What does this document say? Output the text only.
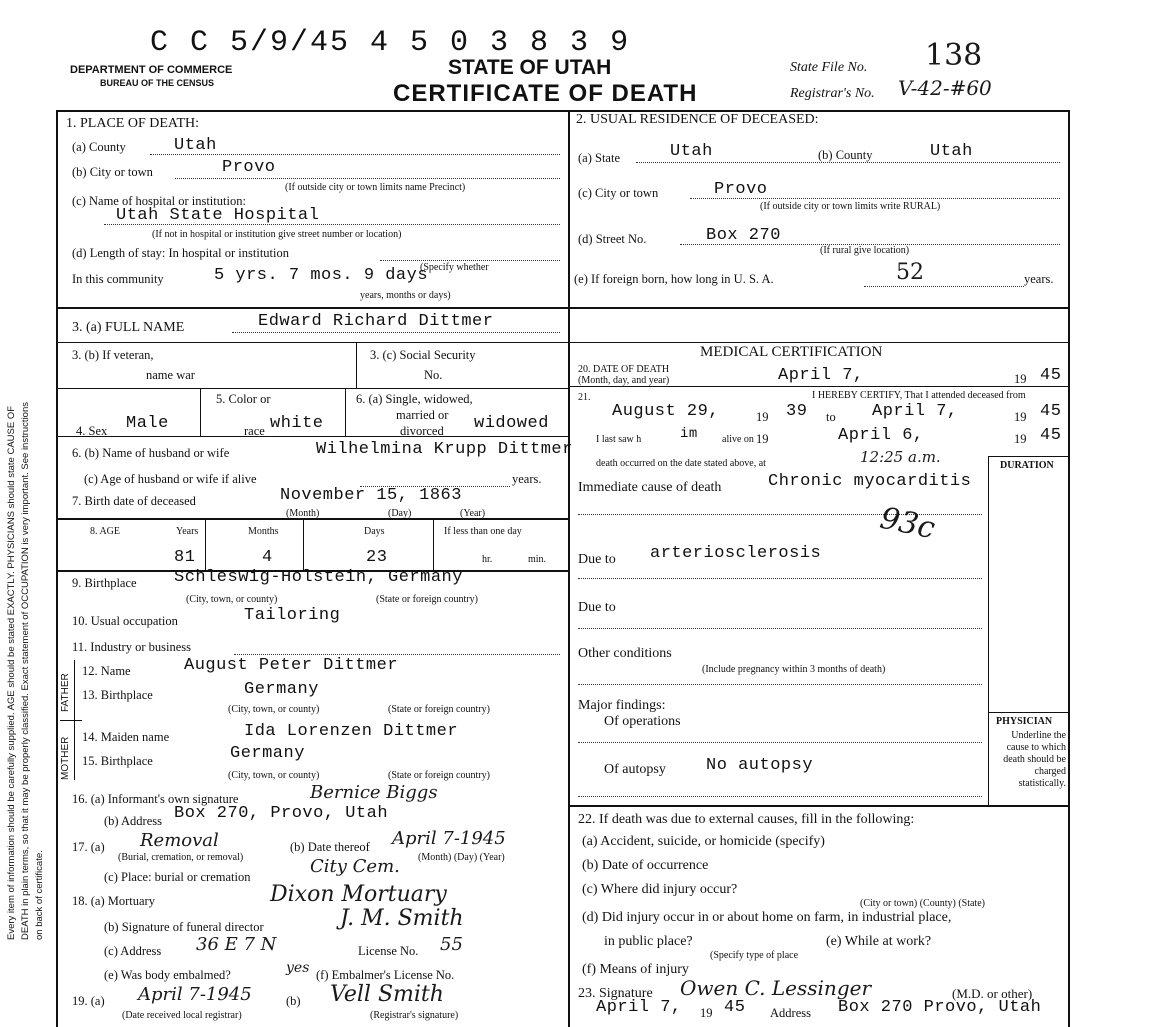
C C 5/9/45 4 5 0 3 8 3 9
DEPARTMENT OF COMMERCE
BUREAU OF THE CENSUS
STATE OF UTAH
CERTIFICATE OF DEATH
State File No. 138
Registrar's No. V-42-#60
Every item of information should be carefully supplied. AGE should be stated EXACTLY. PHYSICIANS should state CAUSE OF DEATH in plain terms, so that it may be properly classified. Exact statement of OCCUPATION is very important. See instructions on back of certificate.
1. PLACE OF DEATH:
(a) County	Utah
(b) City or town	Provo
(If outside city or town limits name Precinct)
(c) Name of hospital or institution:
Utah State Hospital
(If not in hospital or institution give street number or location)
(d) Length of stay: In hospital or institution
In this community	5 yrs. 7 mos. 9 days
(Specify whether
years, months or days)
2. USUAL RESIDENCE OF DECEASED:
(a) State	Utah	(b) County	Utah
(c) City or town	Provo
(If outside city or town limits write RURAL)
(d) Street No.	Box 270
(If rural give location)
(e) If foreign born, how long in U. S. A.	52	years.
3. (a) FULL NAME	Edward Richard Dittmer
3. (b) If veteran,
name war
3. (c) Social Security
No.
4. Sex Male
5. Color or
race white
6. (a) Single, widowed,
married or
divorced widowed
6. (b) Name of husband or wife	Wilhelmina Krupp Dittmer
(c) Age of husband or wife if alive	years.
7. Birth date of deceased	November 15, 1863
(Month)	(Day)	(Year)
8. AGE	Years	Months	Days	If less than one day
81	4	23	hr.	min.
9. Birthplace Schleswig-Holstein, Germany
(City, town, or county)	(State or foreign country)
10. Usual occupation	Tailoring
11. Industry or business
FATHER
MOTHER
12. Name	August Peter Dittmer
13. Birthplace	Germany
(City, town, or county)	(State or foreign country)
14. Maiden name	Ida Lorenzen Dittmer
15. Birthplace	Germany
(City, town, or county)	(State or foreign country)
16. (a) Informant's own signature	Bernice Biggs
(b) Address Box 270, Provo, Utah
17. (a) Removal
(Burial, cremation, or removal)
(b) Date thereof April 7-1945
(Month) (Day) (Year)
(c) Place: burial or cremation	City Cem.
18. (a) Mortuary	Dixon Mortuary
(b) Signature of funeral director	J. M. Smith
(c) Address 36 E 7 N	License No. 55
(e) Was body embalmed?	yes (f) Embalmer's License No.
19. (a) April 7-1945
(Date received local registrar)
(b) Vell Smith
(Registrar's signature)
MEDICAL CERTIFICATION
20. DATE OF DEATH
(Month, day, and year)	April 7,	19 45
21.	I HEREBY CERTIFY, That I attended deceased from
August 29,	19 39 to April 7,	19 45
I last saw h	im alive on 19	April 6,	19 45
death occurred on the date stated above, at	12:25 a.m.	DURATION
Immediate cause of death	Chronic myocarditis
93c
Due to arteriosclerosis
Due to
Other conditions
(Include pregnancy within 3 months of death)
Major findings:
Of operations
Of autopsy No autopsy
PHYSICIAN
Underline the cause to which death should be charged statistically.
22. If death was due to external causes, fill in the following:
(a) Accident, suicide, or homicide (specify)
(b) Date of occurrence
(c) Where did injury occur?
(City or town) (County) (State)
(d) Did injury occur in or about home on farm, in industrial place,
in public place?
(Specify type of place
(e) While at work?
(f) Means of injury
23. Signature Owen C. Lessinger	(M.D. or other)
April 7, 19 45 Address Box 270 Provo, Utah
